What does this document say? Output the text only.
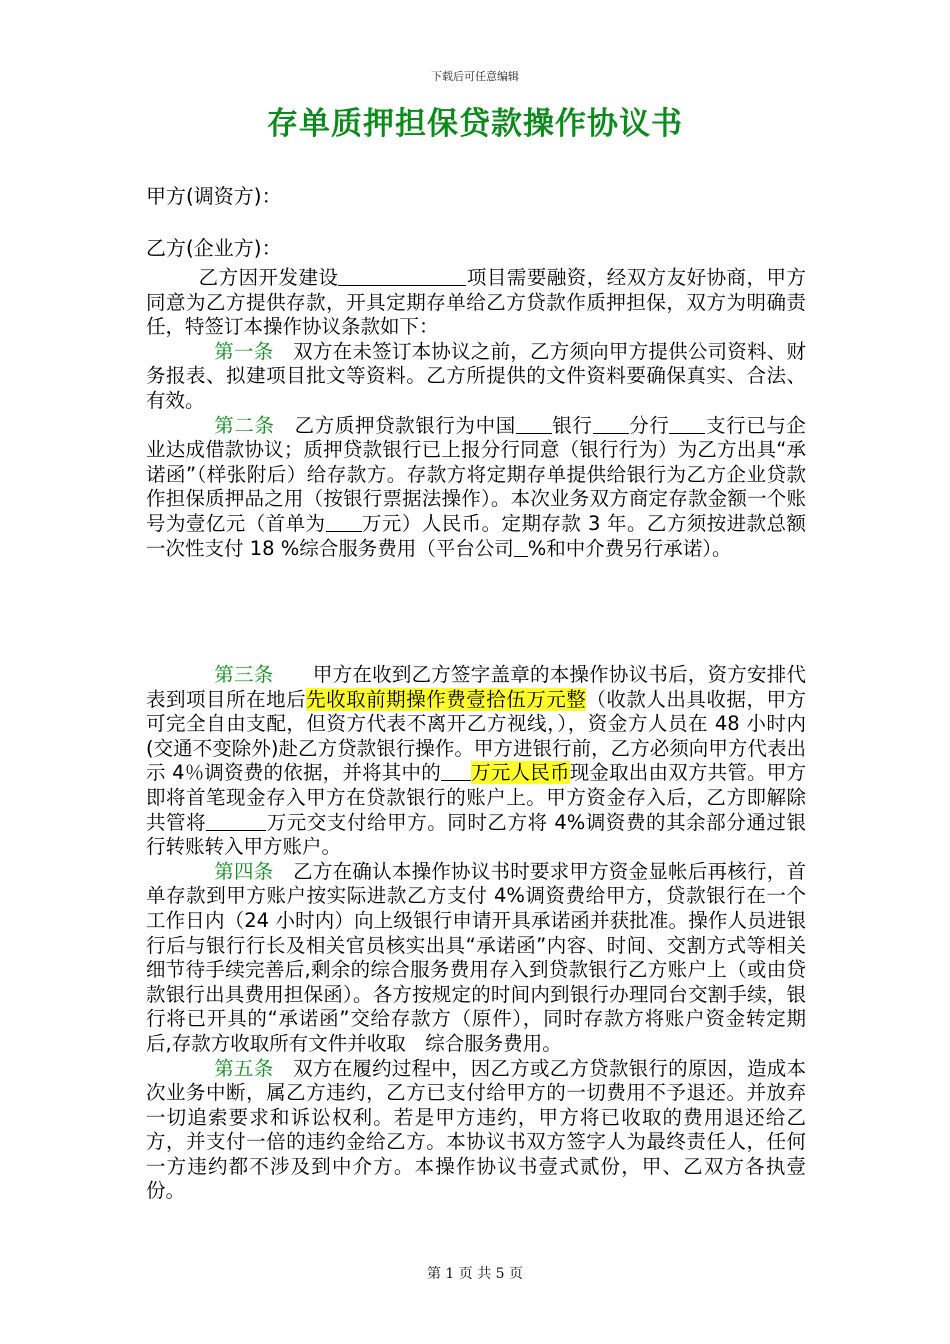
下载后可任意编辑
存单质押担保贷款操作协议书
甲方(调资方)：
乙方(企业方)：

乙方因开发建设	项目需要融资，经双方友好协商，甲方同意为乙方提供存款，开具定期存单给乙方贷款作质押担保，双方为明确责任，特签订本操作协议条款如下：

第一条　双方在未签订本协议之前，乙方须向甲方提供公司资料、财务报表、拟建项目批文等资料。乙方所提供的文件资料要确保真实、合法、有效。

第二条　乙方质押贷款银行为中国 银行 分行 支行已与企业达成借款协议；质押贷款银行已上报分行同意（银行行为）为乙方出具“承诺函”（样张附后）给存款方。存款方将定期存单提供给银行为乙方企业贷款作担保质押品之用（按银行票据法操作）。本次业务双方商定存款金额一个账号为壹亿元（首单为 万元）人民币。定期存款 3 年。乙方须按进款总额一次性支付 18 %综合服务费用（平台公司 %和中介费另行承诺）。

第三条　　甲方在收到乙方签字盖章的本操作协议书后，资方安排代表到项目所在地后先收取前期操作费壹拾伍万元整（收款人出具收据，甲方可完全自由支配，但资方代表不离开乙方视线，），资金方人员在 48 小时内(交通不变除外)赴乙方贷款银行操作。甲方进银行前，乙方必须向甲方代表出示 4％调资费的依据，并将其中的 万元人民币现金取出由双方共管。甲方即将首笔现金存入甲方在贷款银行的账户上。甲方资金存入后，乙方即解除共管将	万元交支付给甲方。同时乙方将 4%调资费的其余部分通过银行转账转入甲方账户。

第四条　乙方在确认本操作协议书时要求甲方资金显帐后再核行，首单存款到甲方账户按实际进款乙方支付 4%调资费给甲方，贷款银行在一个工作日内（24 小时内）向上级银行申请开具承诺函并获批准。操作人员进银行后与银行行长及相关官员核实出具“承诺函”内容、时间、交割方式等相关细节待手续完善后,剩余的综合服务费用存入到贷款银行乙方账户上（或由贷款银行出具费用担保函）。各方按规定的时间内到银行办理同台交割手续，银行将已开具的“承诺函”交给存款方（原件），同时存款方将账户资金转定期后,存款方收取所有文件并收取　综合服务费用。

第五条　双方在履约过程中，因乙方或乙方贷款银行的原因，造成本次业务中断，属乙方违约，乙方已支付给甲方的一切费用不予退还。并放弃一切追索要求和诉讼权利。若是甲方违约，甲方将已收取的费用退还给乙方，并支付一倍的违约金给乙方。本协议书双方签字人为最终责任人，任何一方违约都不涉及到中介方。本操作协议书壹式贰份，甲、乙双方各执壹份。

第 1 页 共 5 页
